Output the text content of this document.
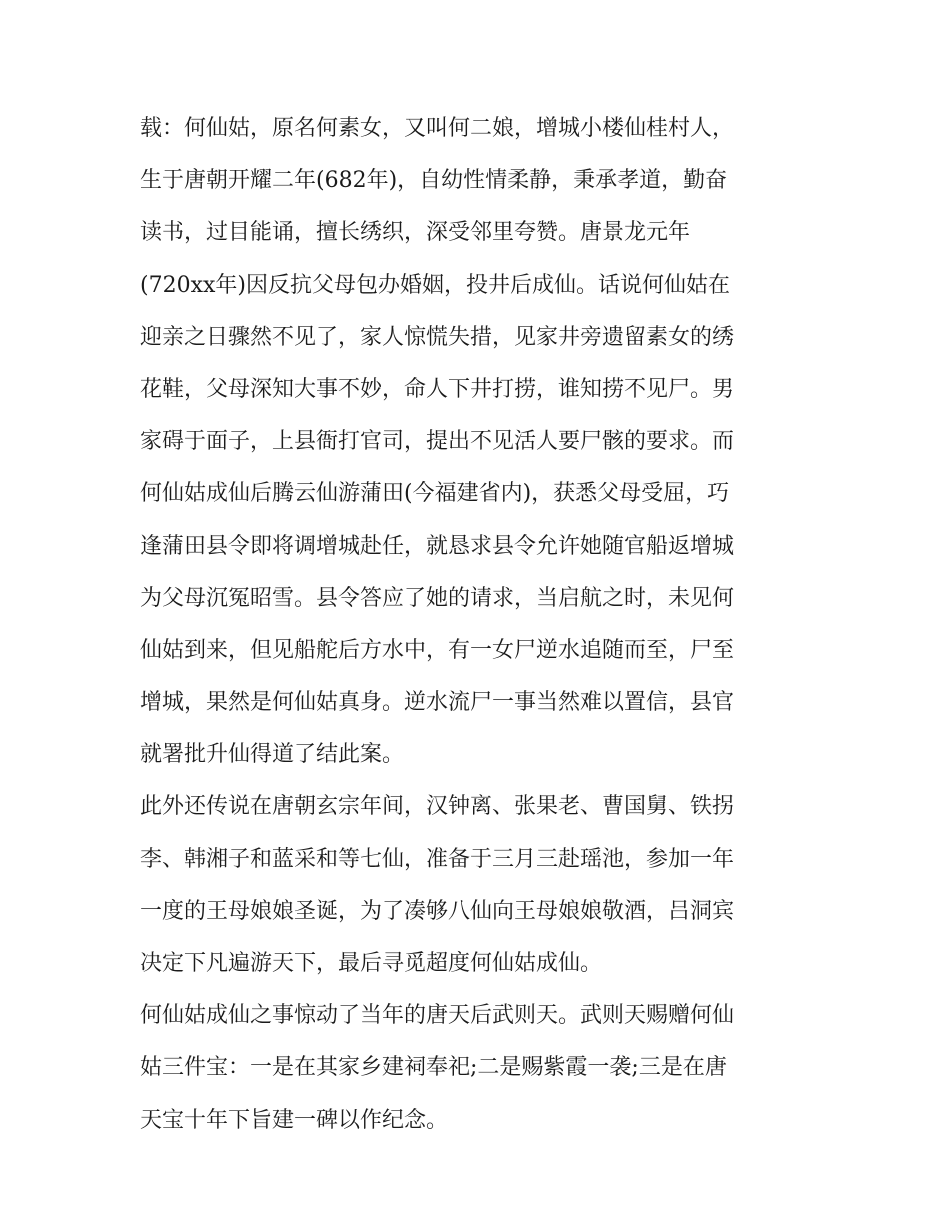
载：何仙姑，原名何素女，又叫何二娘，增城小楼仙桂村人，
生于唐朝开耀二年(682年)，自幼性情柔静，秉承孝道，勤奋
读书，过目能诵，擅长绣织，深受邻里夸赞。唐景龙元年
(720xx年)因反抗父母包办婚姻，投井后成仙。话说何仙姑在
迎亲之日骤然不见了，家人惊慌失措，见家井旁遗留素女的绣
花鞋，父母深知大事不妙，命人下井打捞，谁知捞不见尸。男
家碍于面子，上县衙打官司，提出不见活人要尸骸的要求。而
何仙姑成仙后腾云仙游蒲田(今福建省内)，获悉父母受屈，巧
逢蒲田县令即将调增城赴任，就恳求县令允许她随官船返增城
为父母沉冤昭雪。县令答应了她的请求，当启航之时，未见何
仙姑到来，但见船舵后方水中，有一女尸逆水追随而至，尸至
增城，果然是何仙姑真身。逆水流尸一事当然难以置信，县官
就署批升仙得道了结此案。
此外还传说在唐朝玄宗年间，汉钟离、张果老、曹国舅、铁拐
李、韩湘子和蓝采和等七仙，准备于三月三赴瑶池，参加一年
一度的王母娘娘圣诞，为了凑够八仙向王母娘娘敬酒，吕洞宾
决定下凡遍游天下，最后寻觅超度何仙姑成仙。
何仙姑成仙之事惊动了当年的唐天后武则天。武则天赐赠何仙
姑三件宝：一是在其家乡建祠奉祀;二是赐紫霞一袭;三是在唐
天宝十年下旨建一碑以作纪念。
